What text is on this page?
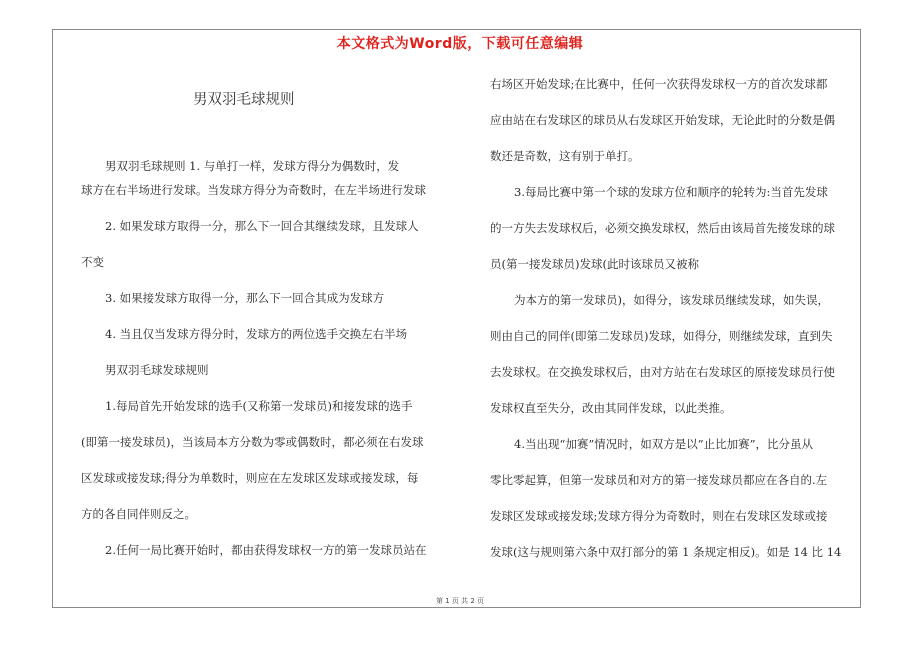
本文格式为Word版，下载可任意编辑

男双羽毛球规则

男双羽毛球规则 1. 与单打一样，发球方得分为偶数时，发

球方在右半场进行发球。当发球方得分为奇数时，在左半场进行发球

2. 如果发球方取得一分，那么下一回合其继续发球，且发球人

不变

3. 如果接发球方取得一分，那么下一回合其成为发球方

4. 当且仅当发球方得分时，发球方的两位选手交换左右半场

男双羽毛球发球规则

1.每局首先开始发球的选手(又称第一发球员)和接发球的选手

(即第一接发球员)，当该局本方分数为零或偶数时，都必须在右发球

区发球或接发球;得分为单数时，则应在左发球区发球或接发球，每

方的各自同伴则反之。

2.任何一局比赛开始时，都由获得发球权一方的第一发球员站在

右场区开始发球;在比赛中，任何一次获得发球权一方的首次发球都

应由站在右发球区的球员从右发球区开始发球，无论此时的分数是偶

数还是奇数，这有别于单打。

3.每局比赛中第一个球的发球方位和顺序的轮转为:当首先发球

的一方失去发球权后，必须交换发球权，然后由该局首先接发球的球

员(第一接发球员)发球(此时该球员又被称

为本方的第一发球员)，如得分，该发球员继续发球，如失误，

则由自己的同伴(即第二发球员)发球，如得分，则继续发球，直到失

去发球权。在交换发球权后，由对方站在右发球区的原接发球员行使

发球权直至失分，改由其同伴发球，以此类推。

4.当出现“加赛”情况时，如双方是以”止比加赛”，比分虽从

零比零起算，但第一发球员和对方的第一接发球员都应在各自的.左

发球区发球或接发球;发球方得分为奇数时，则在右发球区发球或接

发球(这与规则第六条中双打部分的第 1 条规定相反)。如是 14 比 14

第 1 页 共 2 页
